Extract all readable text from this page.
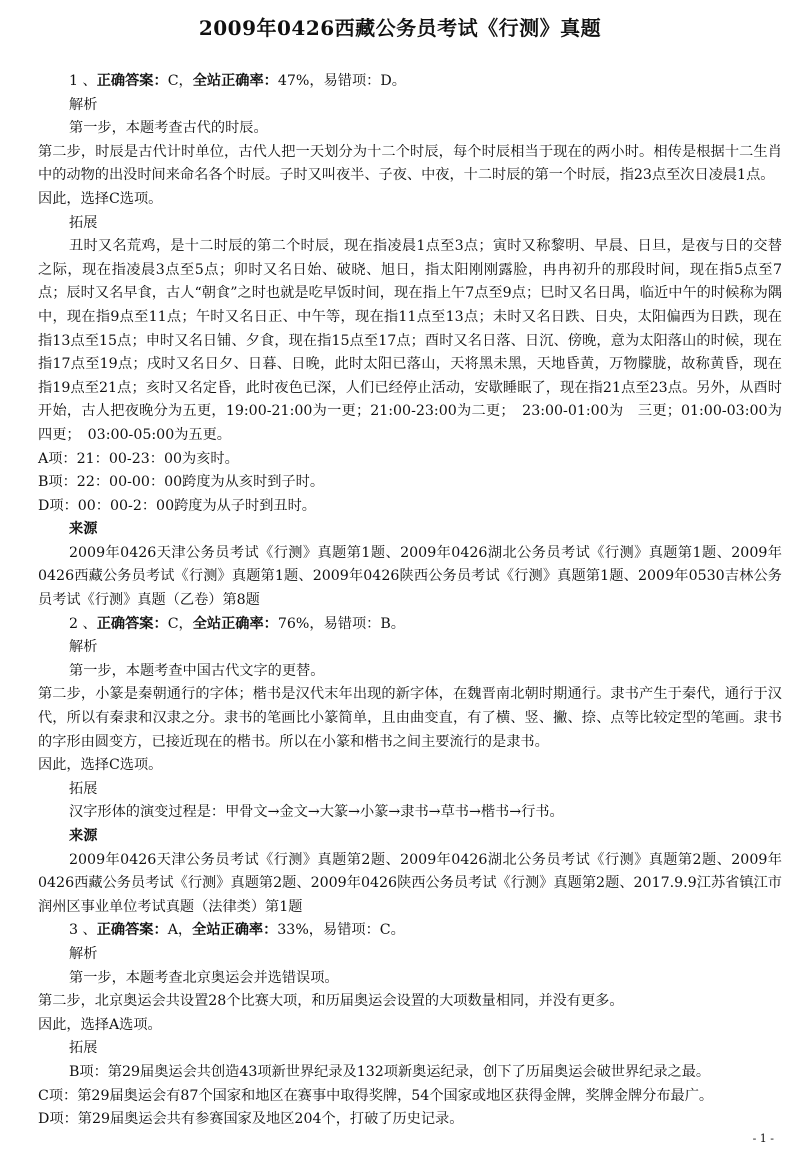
2009年0426西藏公务员考试《行测》真题

1 、正确答案：C，全站正确率：47%，易错项：D。

解析

第一步，本题考查古代的时辰。

第二步，时辰是古代计时单位，古代人把一天划分为十二个时辰，每个时辰相当于现在的两小时。相传是根据十二生肖中的动物的出没时间来命名各个时辰。子时又叫夜半、子夜、中夜，十二时辰的第一个时辰，指23点至次日凌晨1点。

因此，选择C选项。

拓展

丑时又名荒鸡，是十二时辰的第二个时辰，现在指凌晨1点至3点；寅时又称黎明、早晨、日旦，是夜与日的交替之际，现在指凌晨3点至5点；卯时又名日始、破晓、旭日，指太阳刚刚露脸，冉冉初升的那段时间，现在指5点至7点；辰时又名早食，古人“朝食”之时也就是吃早饭时间，现在指上午7点至9点；巳时又名日禺，临近中午的时候称为隅中，现在指9点至11点；午时又名日正、中午等，现在指11点至13点；未时又名日跌、日央，太阳偏西为日跌，现在指13点至15点；申时又名日铺、夕食，现在指15点至17点；酉时又名日落、日沉、傍晚，意为太阳落山的时候，现在指17点至19点；戌时又名日夕、日暮、日晚，此时太阳已落山，天将黑未黑，天地昏黄，万物朦胧，故称黄昏，现在指19点至21点；亥时又名定昏，此时夜色已深，人们已经停止活动，安歇睡眠了，现在指21点至23点。另外，从酉时开始，古人把夜晚分为五更，19:00-21:00为一更；21:00-23:00为二更；　23:00-01:00为　三更；01:00-03:00为四更；　03:00-05:00为五更。

A项：21：00-23：00为亥时。

B项：22：00-00：00跨度为从亥时到子时。

D项：00：00-2：00跨度为从子时到丑时。

来源

2009年0426天津公务员考试《行测》真题第1题、2009年0426湖北公务员考试《行测》真题第1题、2009年0426西藏公务员考试《行测》真题第1题、2009年0426陕西公务员考试《行测》真题第1题、2009年0530吉林公务员考试《行测》真题（乙卷）第8题

2 、正确答案：C，全站正确率：76%，易错项：B。

解析

第一步，本题考查中国古代文字的更替。

第二步，小篆是秦朝通行的字体；楷书是汉代末年出现的新字体，在魏晋南北朝时期通行。隶书产生于秦代，通行于汉代，所以有秦隶和汉隶之分。隶书的笔画比小篆简单，且由曲变直，有了横、竖、撇、捺、点等比较定型的笔画。隶书的字形由圆变方，已接近现在的楷书。所以在小篆和楷书之间主要流行的是隶书。

因此，选择C选项。

拓展

汉字形体的演变过程是：甲骨文→金文→大篆→小篆→隶书→草书→楷书→行书。

来源

2009年0426天津公务员考试《行测》真题第2题、2009年0426湖北公务员考试《行测》真题第2题、2009年0426西藏公务员考试《行测》真题第2题、2009年0426陕西公务员考试《行测》真题第2题、2017.9.9江苏省镇江市润州区事业单位考试真题（法律类）第1题

3 、正确答案：A，全站正确率：33%，易错项：C。

解析

第一步，本题考查北京奥运会并选错误项。

第二步，北京奥运会共设置28个比赛大项，和历届奥运会设置的大项数量相同，并没有更多。

因此，选择A选项。

拓展

B项：第29届奥运会共创造43项新世界纪录及132项新奥运纪录，创下了历届奥运会破世界纪录之最。

C项：第29届奥运会有87个国家和地区在赛事中取得奖牌，54个国家或地区获得金牌，奖牌金牌分布最广。

D项：第29届奥运会共有参赛国家及地区204个，打破了历史记录。

- 1 -
